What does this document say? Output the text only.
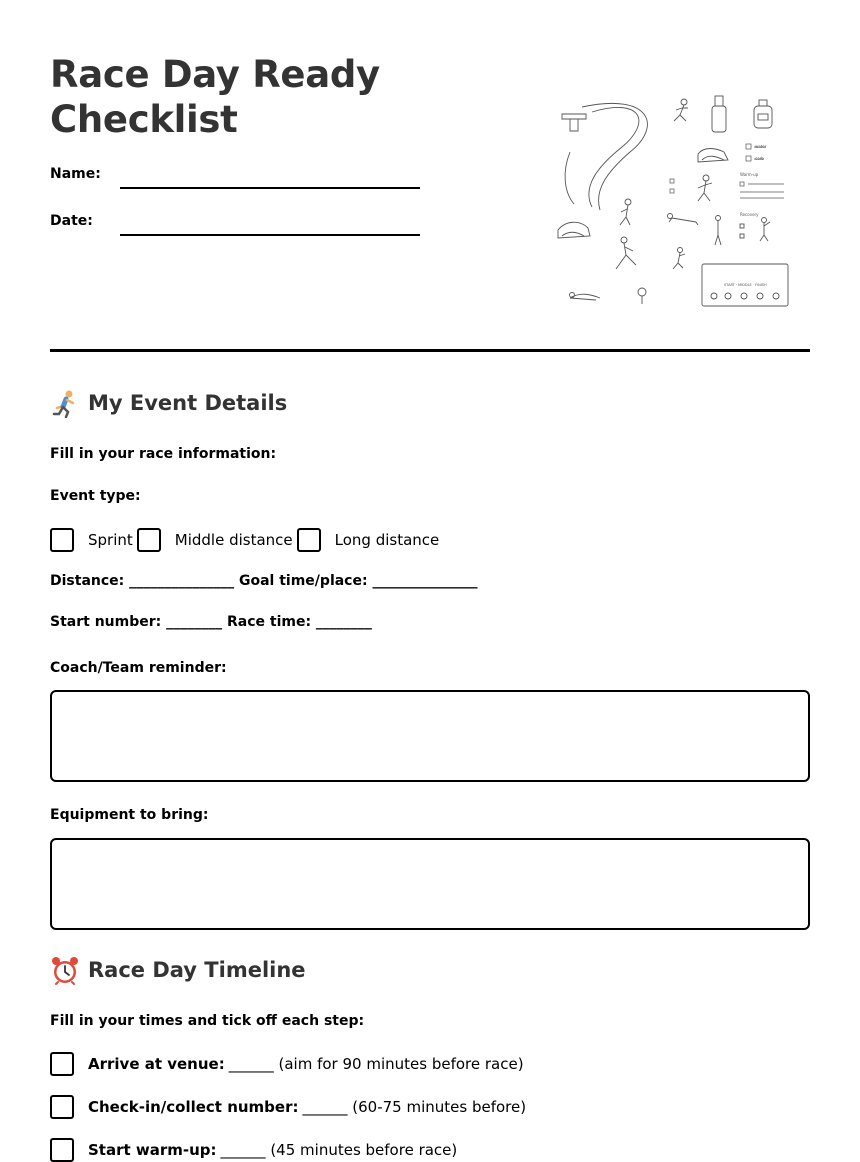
Race Day Ready
Checklist
Name:
Date:
water
carb
Warm-up
Recovery
START · MIDDLE · FINISH
My Event Details
Fill in your race information:
Event type:
Sprint	Middle distance	Long distance
Distance: _______________ Goal time/place: _______________
Start number: ________ Race time: ________
Coach/Team reminder:
Equipment to bring:
Race Day Timeline
Fill in your times and tick off each step:
Arrive at venue: ______
(aim for 90 minutes before race)
Check-in/collect number: ______
(60-75 minutes before)
Start warm-up: ______
(45 minutes before race)
